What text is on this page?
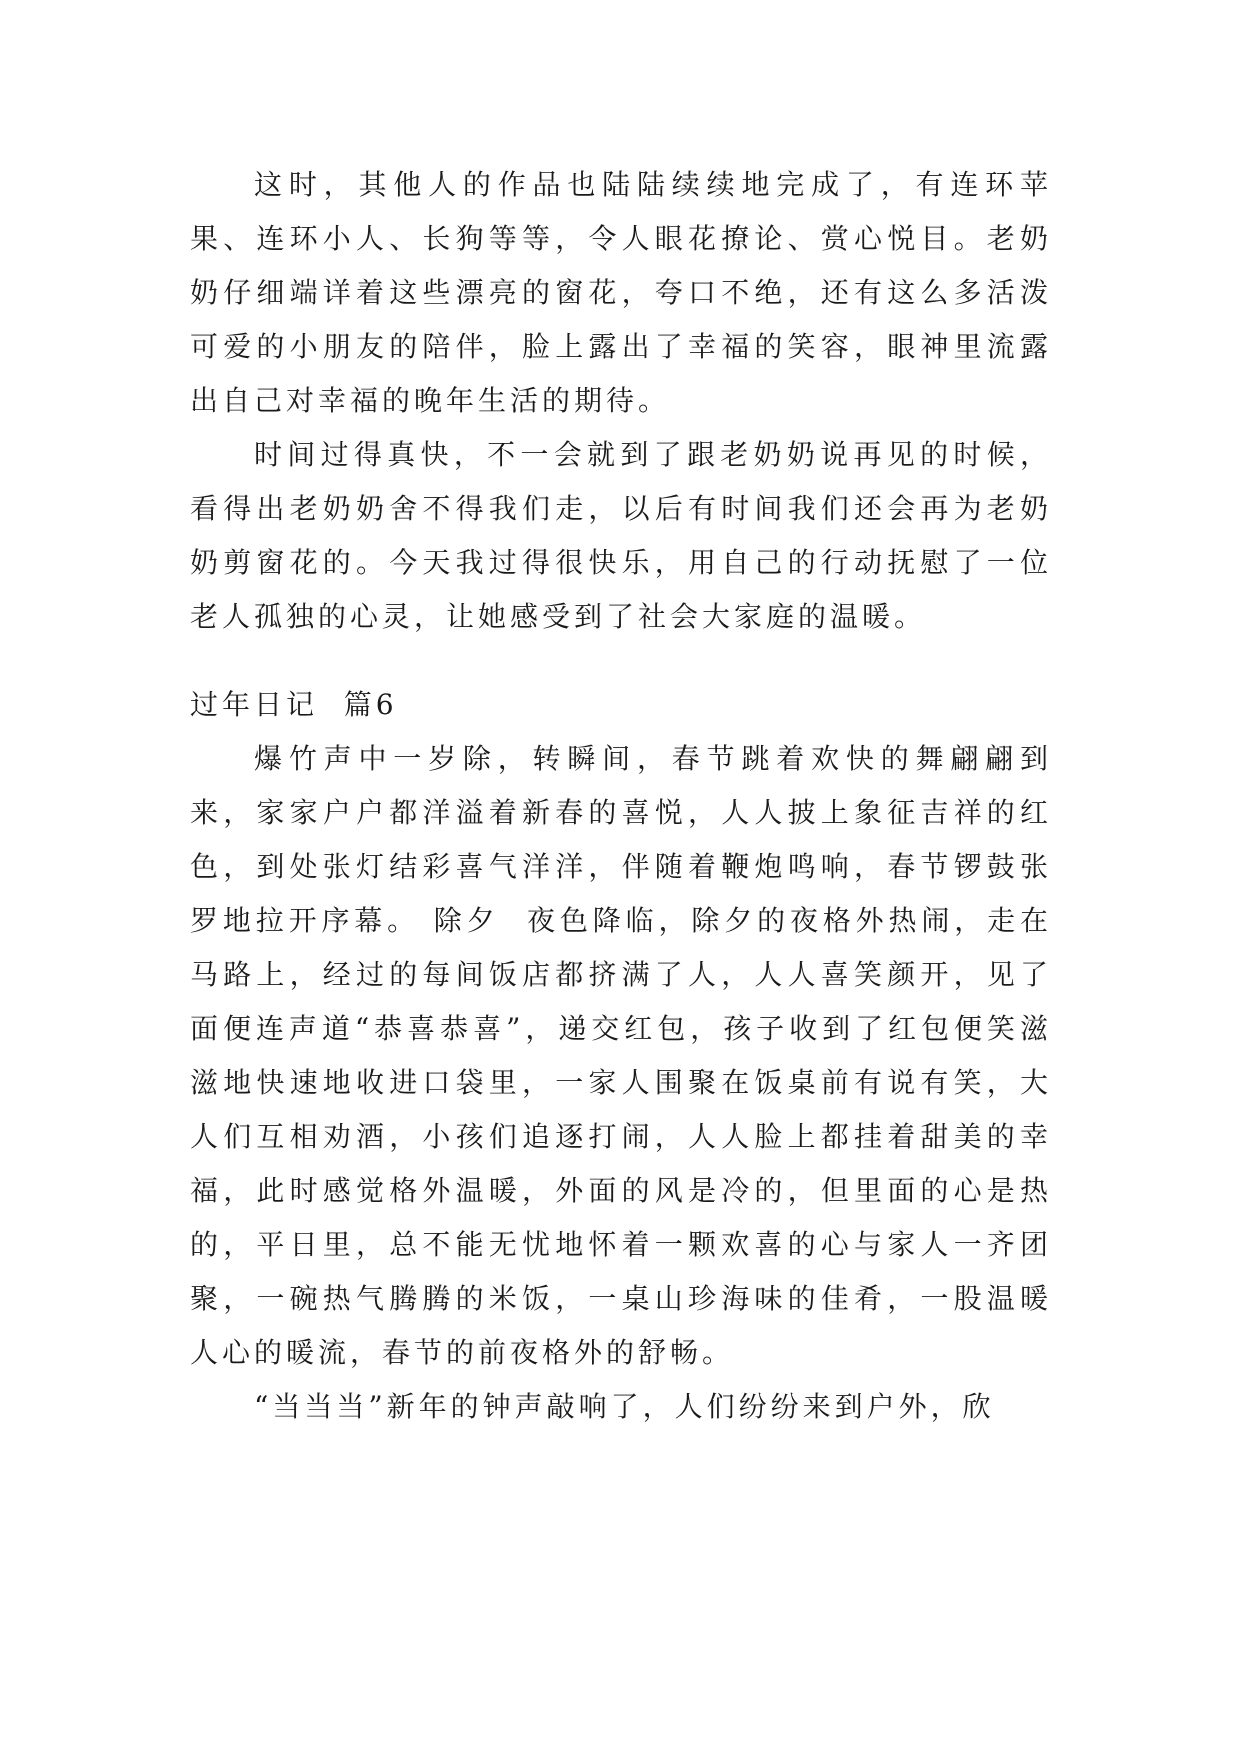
这时，其他人的作品也陆陆续续地完成了，有连环苹果、连环小人、长狗等等，令人眼花撩论、赏心悦目。老奶奶仔细端详着这些漂亮的窗花，夸口不绝，还有这么多活泼可爱的小朋友的陪伴，脸上露出了幸福的笑容，眼神里流露出自己对幸福的晚年生活的期待。

时间过得真快，不一会就到了跟老奶奶说再见的时候，看得出老奶奶舍不得我们走，以后有时间我们还会再为老奶奶剪窗花的。今天我过得很快乐，用自己的行动抚慰了一位老人孤独的心灵，让她感受到了社会大家庭的温暖。

过年日记  篇6

爆竹声中一岁除，转瞬间，春节跳着欢快的舞翩翩到来，家家户户都洋溢着新春的喜悦，人人披上象征吉祥的红色，到处张灯结彩喜气洋洋，伴随着鞭炮鸣响，春节锣鼓张罗地拉开序幕。 除夕  夜色降临，除夕的夜格外热闹，走在马路上，经过的每间饭店都挤满了人，人人喜笑颜开，见了面便连声道“恭喜恭喜”，递交红包，孩子收到了红包便笑滋滋地快速地收进口袋里，一家人围聚在饭桌前有说有笑，大人们互相劝酒，小孩们追逐打闹，人人脸上都挂着甜美的幸福，此时感觉格外温暖，外面的风是冷的，但里面的心是热的，平日里，总不能无忧地怀着一颗欢喜的心与家人一齐团聚，一碗热气腾腾的米饭，一桌山珍海味的佳肴，一股温暖人心的暖流，春节的前夜格外的舒畅。

“当当当”新年的钟声敲响了，人们纷纷来到户外，欣
